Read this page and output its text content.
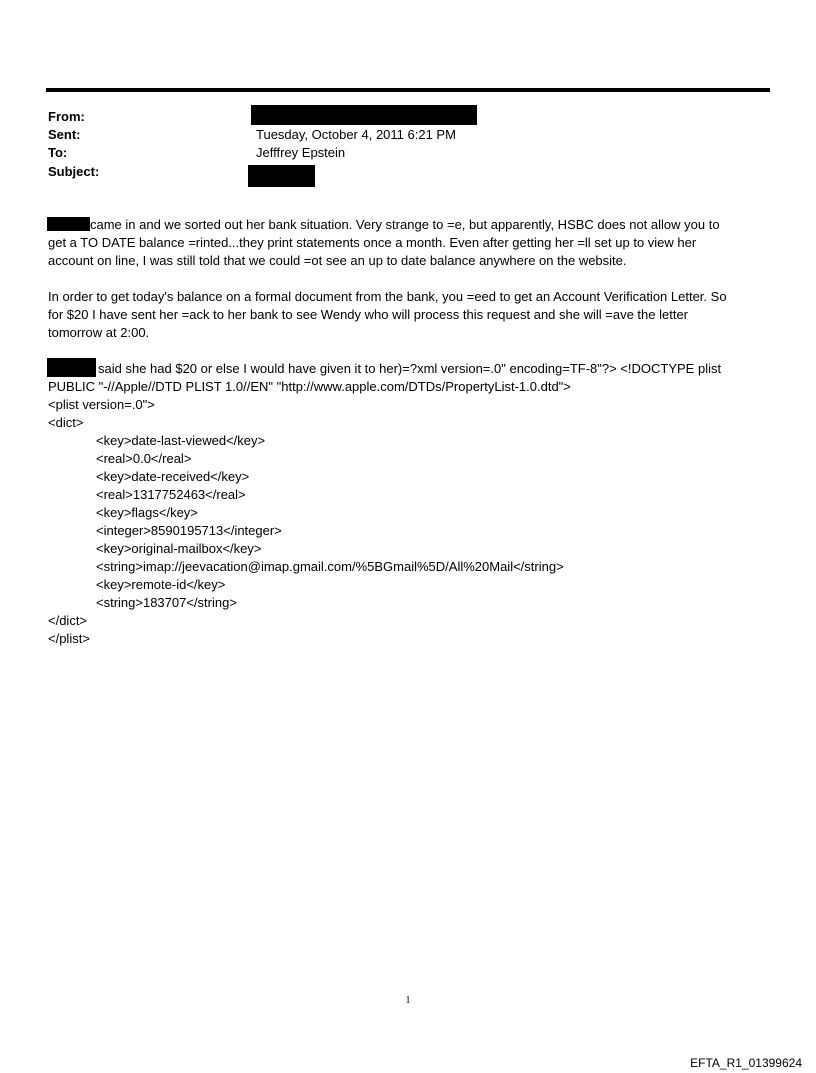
From:
Sent:
To:
Subject:
Tuesday, October 4, 2011 6:21 PM
Jefffrey Epstein
came in and we sorted out her bank situation. Very strange to =e, but apparently, HSBC does not allow you to
get a TO DATE balance =rinted...they print statements once a month. Even after getting her =ll set up to view her
account on line, I was still told that we could =ot see an up to date balance anywhere on the website.
In order to get today's balance on a formal document from the bank, you =eed to get an Account Verification Letter. So
for $20 I have sent her =ack to her bank to see Wendy who will process this request and she will =ave the letter
tomorrow at 2:00.
said she had $20 or else I would have given it to her)=?xml version=.0" encoding=TF-8"?> <!DOCTYPE plist
PUBLIC "-//Apple//DTD PLIST 1.0//EN" "http://www.apple.com/DTDs/PropertyList-1.0.dtd">
<plist version=.0">
<dict>
<key>date-last-viewed</key>
<real>0.0</real>
<key>date-received</key>
<real>1317752463</real>
<key>flags</key>
<integer>8590195713</integer>
<key>original-mailbox</key>
<string>imap://jeevacation@imap.gmail.com/%5BGmail%5D/All%20Mail</string>
<key>remote-id</key>
<string>183707</string>
</dict>
</plist>
1
EFTA_R1_01399624
